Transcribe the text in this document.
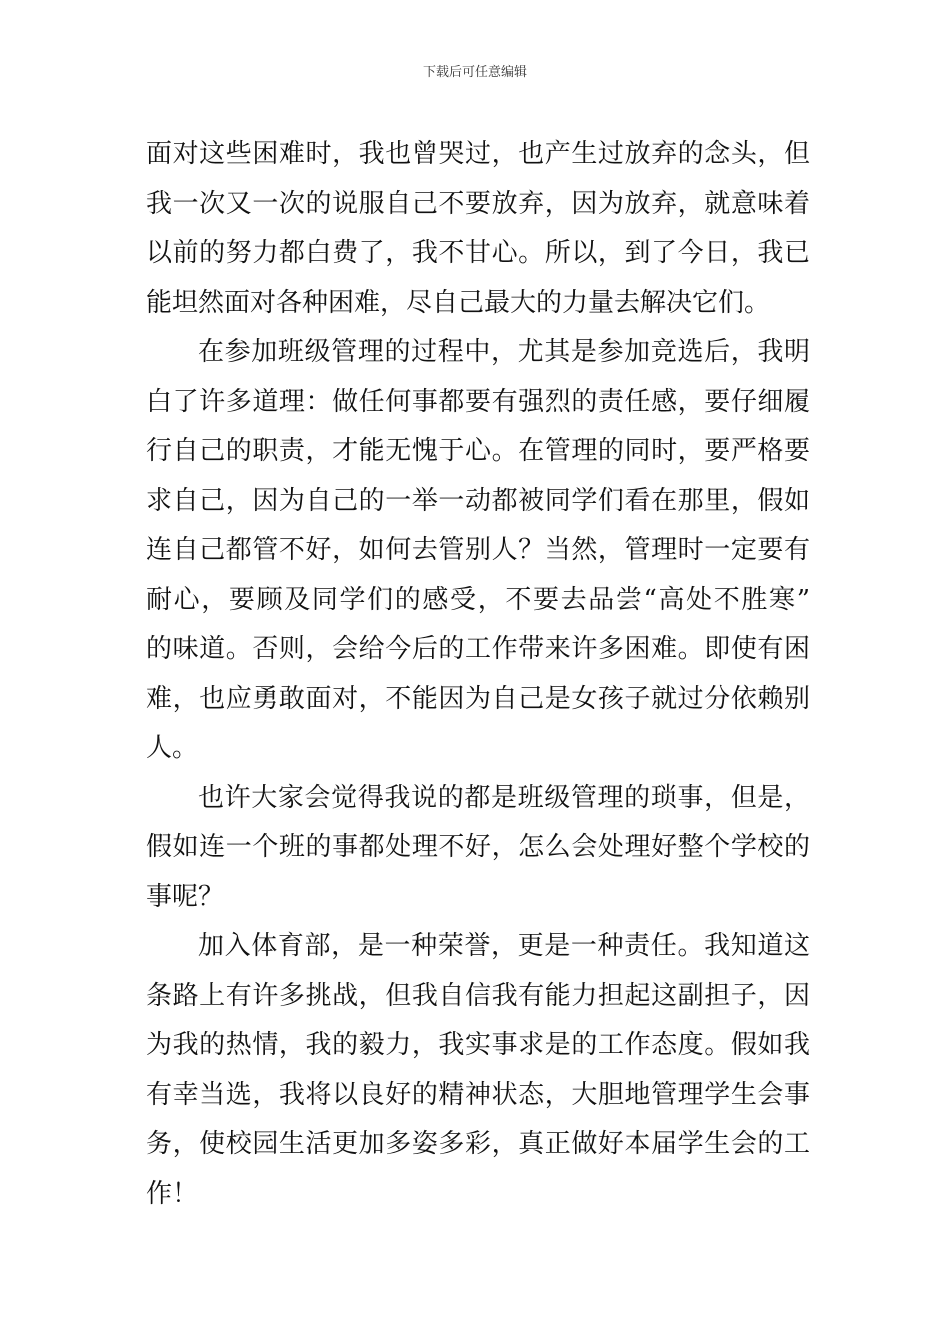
下载后可任意编辑
面对这些困难时，我也曾哭过，也产生过放弃的念头，但
我一次又一次的说服自己不要放弃，因为放弃，就意味着
以前的努力都白费了，我不甘心。所以，到了今日，我已
能坦然面对各种困难，尽自己最大的力量去解决它们。
在参加班级管理的过程中，尤其是参加竞选后，我明
白了许多道理：做任何事都要有强烈的责任感，要仔细履
行自己的职责，才能无愧于心。在管理的同时，要严格要
求自己，因为自己的一举一动都被同学们看在那里，假如
连自己都管不好，如何去管别人？当然，管理时一定要有
耐心，要顾及同学们的感受，不要去品尝“高处不胜寒”
的味道。否则，会给今后的工作带来许多困难。即使有困
难，也应勇敢面对，不能因为自己是女孩子就过分依赖别
人。
也许大家会觉得我说的都是班级管理的琐事，但是，
假如连一个班的事都处理不好，怎么会处理好整个学校的
事呢？
加入体育部，是一种荣誉，更是一种责任。我知道这
条路上有许多挑战，但我自信我有能力担起这副担子，因
为我的热情，我的毅力，我实事求是的工作态度。假如我
有幸当选，我将以良好的精神状态，大胆地管理学生会事
务，使校园生活更加多姿多彩，真正做好本届学生会的工
作！
